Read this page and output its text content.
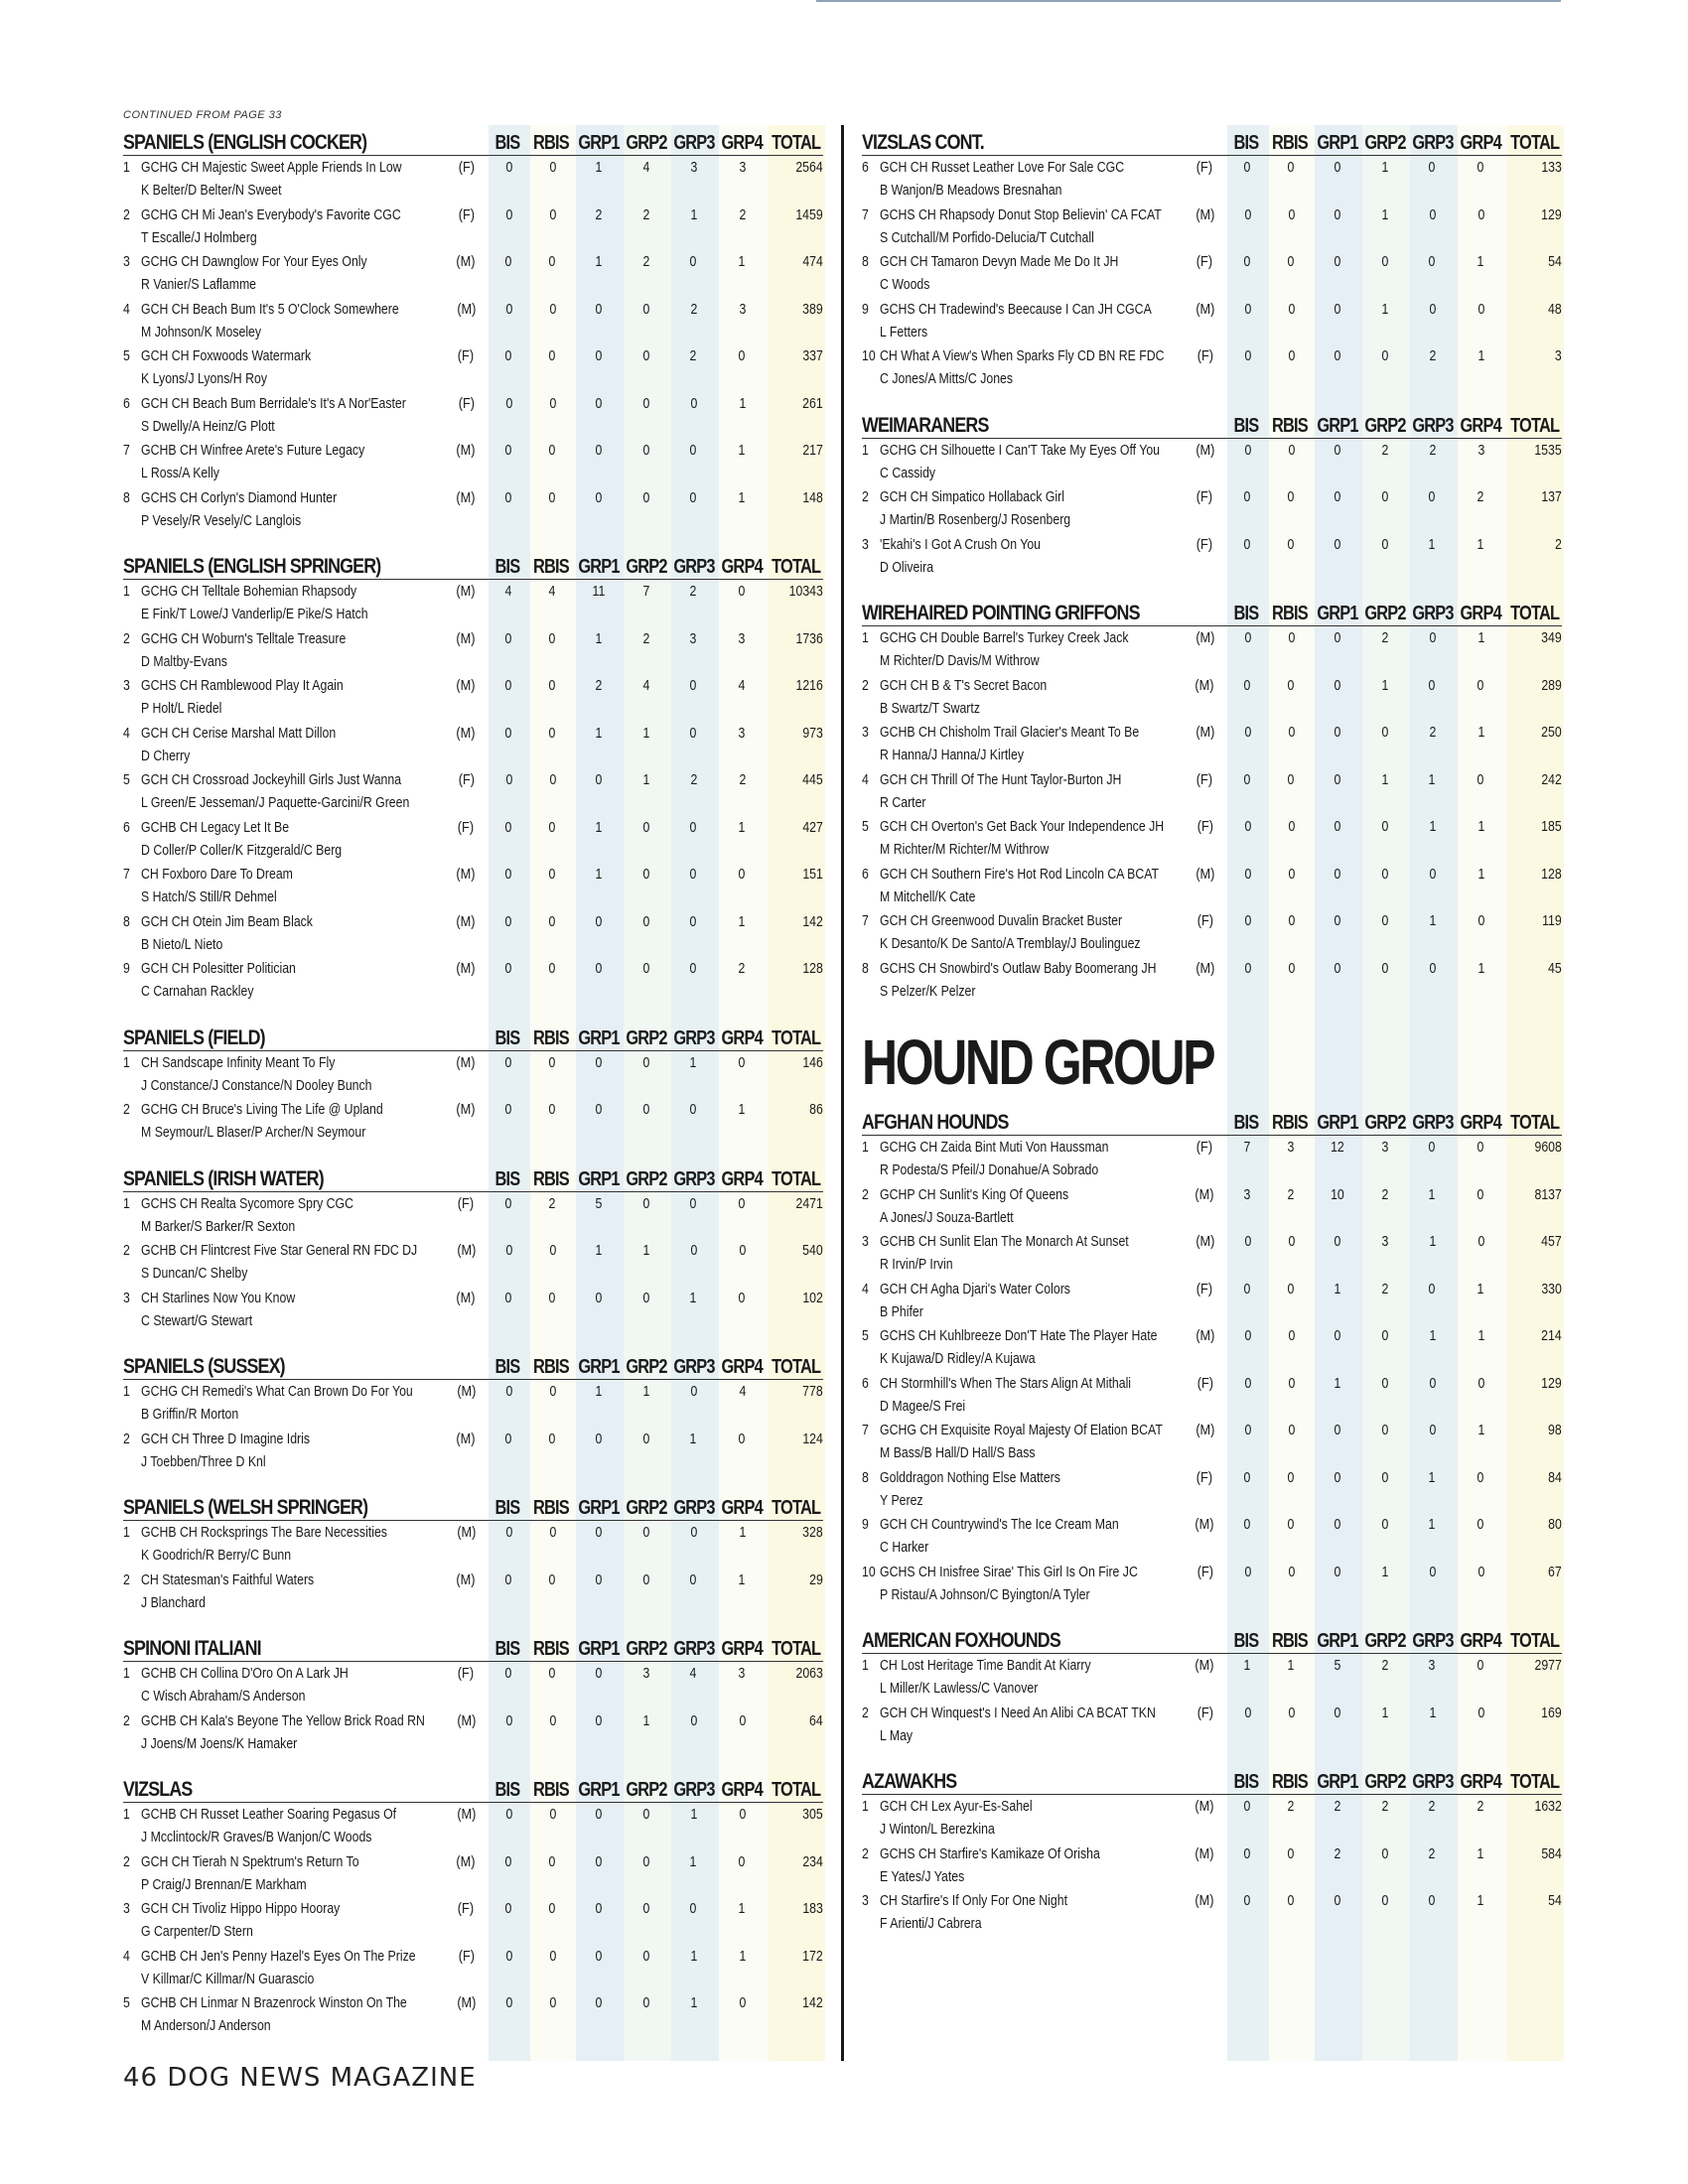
CONTINUED FROM PAGE 33
SPANIELS (ENGLISH COCKER)	BIS RBIS GRP1 GRP2 GRP3 GRP4 TOTAL
1 GCHG CH Majestic Sweet Apple Friends In Low
K Belter/D Belter/N Sweet
(F)	0	0	1	4	3	3	2564
2 GCHG CH Mi Jean's Everybody's Favorite CGC
T Escalle/J Holmberg
(F)	0	0	2	2	1	2	1459
3 GCHG CH Dawnglow For Your Eyes Only
R Vanier/S Laflamme
(M)	0	0	1	2	0	1	474
4 GCH CH Beach Bum It's 5 O'Clock Somewhere
M Johnson/K Moseley
(M)	0	0	0	0	2	3	389
5 GCH CH Foxwoods Watermark
K Lyons/J Lyons/H Roy
(F)	0	0	0	0	2	0	337
6 GCH CH Beach Bum Berridale's It's A Nor'Easter
S Dwelly/A Heinz/G Plott
(F)	0	0	0	0	0	1	261
7 GCHB CH Winfree Arete's Future Legacy
L Ross/A Kelly
(M)	0	0	0	0	0	1	217
8 GCHS CH Corlyn's Diamond Hunter
P Vesely/R Vesely/C Langlois
(M)	0	0	0	0	0	1	148
SPANIELS (ENGLISH SPRINGER)	BIS RBIS GRP1 GRP2 GRP3 GRP4 TOTAL
1 GCHG CH Telltale Bohemian Rhapsody
E Fink/T Lowe/J Vanderlip/E Pike/S Hatch
(M)	4	4	11	7	2	0	10343
2 GCHG CH Woburn's Telltale Treasure
D Maltby-Evans
(M)	0	0	1	2	3	3	1736
3 GCHS CH Ramblewood Play It Again
P Holt/L Riedel
(M)	0	0	2	4	0	4	1216
4 GCH CH Cerise Marshal Matt Dillon
D Cherry
(M)	0	0	1	1	0	3	973
5 GCH CH Crossroad Jockeyhill Girls Just Wanna
L Green/E Jesseman/J Paquette-Garcini/R Green
(F)	0	0	0	1	2	2	445
6 GCHB CH Legacy Let It Be
D Coller/P Coller/K Fitzgerald/C Berg
(F)	0	0	1	0	0	1	427
7 CH Foxboro Dare To Dream
S Hatch/S Still/R Dehmel
(M)	0	0	1	0	0	0	151
8 GCH CH Otein Jim Beam Black
B Nieto/L Nieto
(M)	0	0	0	0	0	1	142
9 GCH CH Polesitter Politician
C Carnahan Rackley
(M)	0	0	0	0	0	2	128
SPANIELS (FIELD)	BIS RBIS GRP1 GRP2 GRP3 GRP4 TOTAL
1 CH Sandscape Infinity Meant To Fly
J Constance/J Constance/N Dooley Bunch
(M)	0	0	0	0	1	0	146
2 GCHG CH Bruce's Living The Life @ Upland
M Seymour/L Blaser/P Archer/N Seymour
(M)	0	0	0	0	0	1	86
SPANIELS (IRISH WATER)	BIS RBIS GRP1 GRP2 GRP3 GRP4 TOTAL
1 GCHS CH Realta Sycomore Spry CGC
M Barker/S Barker/R Sexton
(F)	0	2	5	0	0	0	2471
2 GCHB CH Flintcrest Five Star General RN FDC DJ
S Duncan/C Shelby
(M)	0	0	1	1	0	0	540
3 CH Starlines Now You Know
C Stewart/G Stewart
(M)	0	0	0	0	1	0	102
SPANIELS (SUSSEX)	BIS RBIS GRP1 GRP2 GRP3 GRP4 TOTAL
1 GCHG CH Remedi's What Can Brown Do For You
B Griffin/R Morton
(M)	0	0	1	1	0	4	778
2 GCH CH Three D Imagine Idris
J Toebben/Three D Knl
(M)	0	0	0	0	1	0	124
SPANIELS (WELSH SPRINGER)	BIS RBIS GRP1 GRP2 GRP3 GRP4 TOTAL
1 GCHB CH Rocksprings The Bare Necessities
K Goodrich/R Berry/C Bunn
(M)	0	0	0	0	0	1	328
2 CH Statesman's Faithful Waters
J Blanchard
(M)	0	0	0	0	0	1	29
SPINONI ITALIANI	BIS RBIS GRP1 GRP2 GRP3 GRP4 TOTAL
1 GCHB CH Collina D'Oro On A Lark JH
C Wisch Abraham/S Anderson
(F)	0	0	0	3	4	3	2063
2 GCHB CH Kala's Beyone The Yellow Brick Road RN
J Joens/M Joens/K Hamaker
(M)	0	0	0	1	0	0	64
VIZSLAS	BIS RBIS GRP1 GRP2 GRP3 GRP4 TOTAL
1 GCHB CH Russet Leather Soaring Pegasus Of
J Mcclintock/R Graves/B Wanjon/C Woods
(M)	0	0	0	0	1	0	305
2 GCH CH Tierah N Spektrum's Return To
P Craig/J Brennan/E Markham
(M)	0	0	0	0	1	0	234
3 GCH CH Tivoliz Hippo Hippo Hooray
G Carpenter/D Stern
(F)	0	0	0	0	0	1	183
4 GCHB CH Jen's Penny Hazel's Eyes On The Prize
V Killmar/C Killmar/N Guarascio
(F)	0	0	0	0	1	1	172
5 GCHB CH Linmar N Brazenrock Winston On The
M Anderson/J Anderson
(M)	0	0	0	0	1	0	142
VIZSLAS CONT.	BIS RBIS GRP1 GRP2 GRP3 GRP4 TOTAL
6 GCH CH Russet Leather Love For Sale CGC
B Wanjon/B Meadows Bresnahan
(F)	0	0	0	1	0	0	133
7 GCHS CH Rhapsody Donut Stop Believin' CA FCAT
S Cutchall/M Porfido-Delucia/T Cutchall
(M)	0	0	0	1	0	0	129
8 GCH CH Tamaron Devyn Made Me Do It JH
C Woods
(F)	0	0	0	0	0	1	54
9 GCHS CH Tradewind's Beecause I Can JH CGCA
L Fetters
(M)	0	0	0	1	0	0	48
10 CH What A View's When Sparks Fly CD BN RE FDC
C Jones/A Mitts/C Jones
(F)	0	0	0	0	2	1	3
WEIMARANERS	BIS RBIS GRP1 GRP2 GRP3 GRP4 TOTAL
1 GCHG CH Silhouette I Can'T Take My Eyes Off You
C Cassidy
(M)	0	0	0	2	2	3	1535
2 GCH CH Simpatico Hollaback Girl
J Martin/B Rosenberg/J Rosenberg
(F)	0	0	0	0	0	2	137
3 'Ekahi's I Got A Crush On You
D Oliveira
(F)	0	0	0	0	1	1	2
WIREHAIRED POINTING GRIFFONS	BIS RBIS GRP1 GRP2 GRP3 GRP4 TOTAL
1 GCHG CH Double Barrel's Turkey Creek Jack
M Richter/D Davis/M Withrow
(M)	0	0	0	2	0	1	349
2 GCH CH B & T's Secret Bacon
B Swartz/T Swartz
(M)	0	0	0	1	0	0	289
3 GCHB CH Chisholm Trail Glacier's Meant To Be
R Hanna/J Hanna/J Kirtley
(M)	0	0	0	0	2	1	250
4 GCH CH Thrill Of The Hunt Taylor-Burton JH
R Carter
(F)	0	0	0	1	1	0	242
5 GCH CH Overton's Get Back Your Independence JH
M Richter/M Richter/M Withrow
(F)	0	0	0	0	1	1	185
6 GCH CH Southern Fire's Hot Rod Lincoln CA BCAT
M Mitchell/K Cate
(M)	0	0	0	0	0	1	128
7 GCH CH Greenwood Duvalin Bracket Buster
K Desanto/K De Santo/A Tremblay/J Boulinguez
(F)	0	0	0	0	1	0	119
8 GCHS CH Snowbird's Outlaw Baby Boomerang JH
S Pelzer/K Pelzer
(M)	0	0	0	0	0	1	45
HOUND GROUP
AFGHAN HOUNDS	BIS RBIS GRP1 GRP2 GRP3 GRP4 TOTAL
1 GCHG CH Zaida Bint Muti Von Haussman
R Podesta/S Pfeil/J Donahue/A Sobrado
(F)	7	3	12	3	0	0	9608
2 GCHP CH Sunlit's King Of Queens
A Jones/J Souza-Bartlett
(M)	3	2	10	2	1	0	8137
3 GCHB CH Sunlit Elan The Monarch At Sunset
R Irvin/P Irvin
(M)	0	0	0	3	1	0	457
4 GCH CH Agha Djari's Water Colors
B Phifer
(F)	0	0	1	2	0	1	330
5 GCHS CH Kuhlbreeze Don'T Hate The Player Hate
K Kujawa/D Ridley/A Kujawa
(M)	0	0	0	0	1	1	214
6 CH Stormhill's When The Stars Align At Mithali
D Magee/S Frei
(F)	0	0	1	0	0	0	129
7 GCHG CH Exquisite Royal Majesty Of Elation BCAT
M Bass/B Hall/D Hall/S Bass
(M)	0	0	0	0	0	1	98
8 Golddragon Nothing Else Matters
Y Perez
(F)	0	0	0	0	1	0	84
9 GCH CH Countrywind's The Ice Cream Man
C Harker
(M)	0	0	0	0	1	0	80
10 GCHS CH Inisfree Sirae' This Girl Is On Fire JC
P Ristau/A Johnson/C Byington/A Tyler
(F)	0	0	0	1	0	0	67
AMERICAN FOXHOUNDS	BIS RBIS GRP1 GRP2 GRP3 GRP4 TOTAL
1 CH Lost Heritage Time Bandit At Kiarry
L Miller/K Lawless/C Vanover
(M)	1	1	5	2	3	0	2977
2 GCH CH Winquest's I Need An Alibi CA BCAT TKN
L May
(F)	0	0	0	1	1	0	169
AZAWAKHS	BIS RBIS GRP1 GRP2 GRP3 GRP4 TOTAL
1 GCH CH Lex Ayur-Es-Sahel
J Winton/L Berezkina
(M)	0	2	2	2	2	2	1632
2 GCHS CH Starfire's Kamikaze Of Orisha
E Yates/J Yates
(M)	0	0	2	0	2	1	584
3 CH Starfire's If Only For One Night
F Arienti/J Cabrera
(M)	0	0	0	0	0	1	54
46 DOG NEWS MAGAZINE
